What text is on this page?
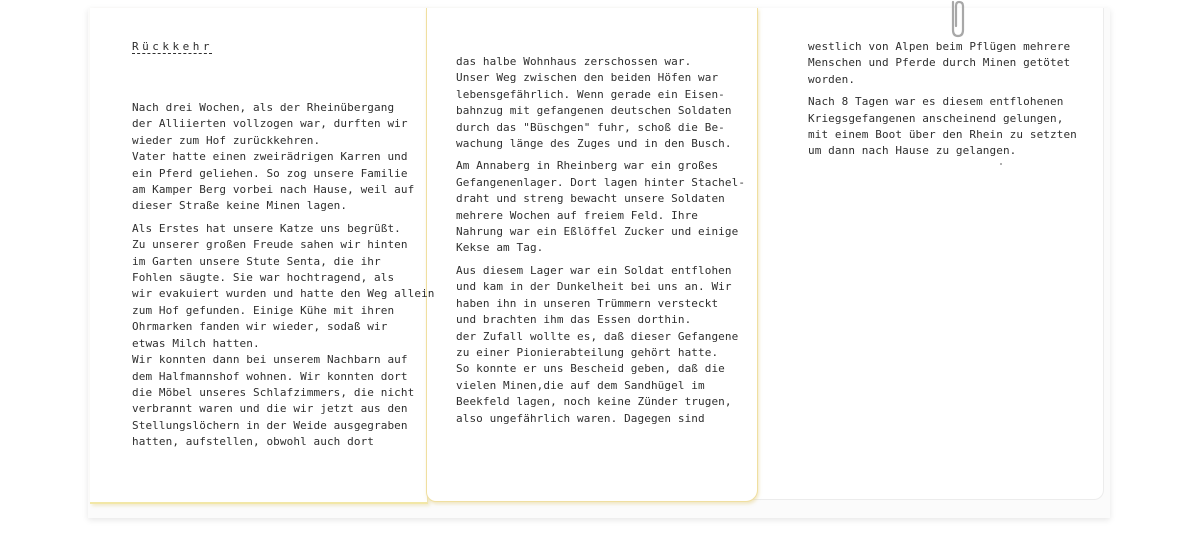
Rückkehr
Nach drei Wochen, als der Rheinübergang
der Alliierten vollzogen war, durften wir
wieder zum Hof zurückkehren.
Vater hatte einen zweirädrigen Karren und
ein Pferd geliehen. So zog unsere Familie
am Kamper Berg vorbei nach Hause, weil auf
dieser Straße keine Minen lagen.
Als Erstes hat unsere Katze uns begrüßt.
Zu unserer großen Freude sahen wir hinten
im Garten unsere Stute Senta, die ihr
Fohlen säugte. Sie war hochtragend, als
wir evakuiert wurden und hatte den Weg allein
zum Hof gefunden. Einige Kühe mit ihren
Ohrmarken fanden wir wieder, sodaß wir
etwas Milch hatten.
Wir konnten dann bei unserem Nachbarn auf
dem Halfmannshof wohnen. Wir konnten dort
die Möbel unseres Schlafzimmers, die nicht
verbrannt waren und die wir jetzt aus den
Stellungslöchern in der Weide ausgegraben
hatten, aufstellen, obwohl auch dort
das halbe Wohnhaus zerschossen war.
Unser Weg zwischen den beiden Höfen war
lebensgefährlich. Wenn gerade ein Eisen-
bahnzug mit gefangenen deutschen Soldaten
durch das "Büschgen" fuhr, schoß die Be-
wachung länge des Zuges und in den Busch.
Am Annaberg in Rheinberg war ein großes
Gefangenenlager. Dort lagen hinter Stachel-
draht und streng bewacht unsere Soldaten
mehrere Wochen auf freiem Feld. Ihre
Nahrung war ein Eßlöffel Zucker und einige
Kekse am Tag.
Aus diesem Lager war ein Soldat entflohen
und kam in der Dunkelheit bei uns an. Wir
haben ihn in unseren Trümmern versteckt
und brachten ihm das Essen dorthin.
der Zufall wollte es, daß dieser Gefangene
zu einer Pionierabteilung gehört hatte.
So konnte er uns Bescheid geben, daß die
vielen Minen,die auf dem Sandhügel im
Beekfeld lagen, noch keine Zünder trugen,
also ungefährlich waren. Dagegen sind
westlich von Alpen beim Pflügen mehrere
Menschen und Pferde durch Minen getötet
worden.
Nach 8 Tagen war es diesem entflohenen
Kriegsgefangenen anscheinend gelungen,
mit einem Boot über den Rhein zu setzten
um dann nach Hause zu gelangen.
